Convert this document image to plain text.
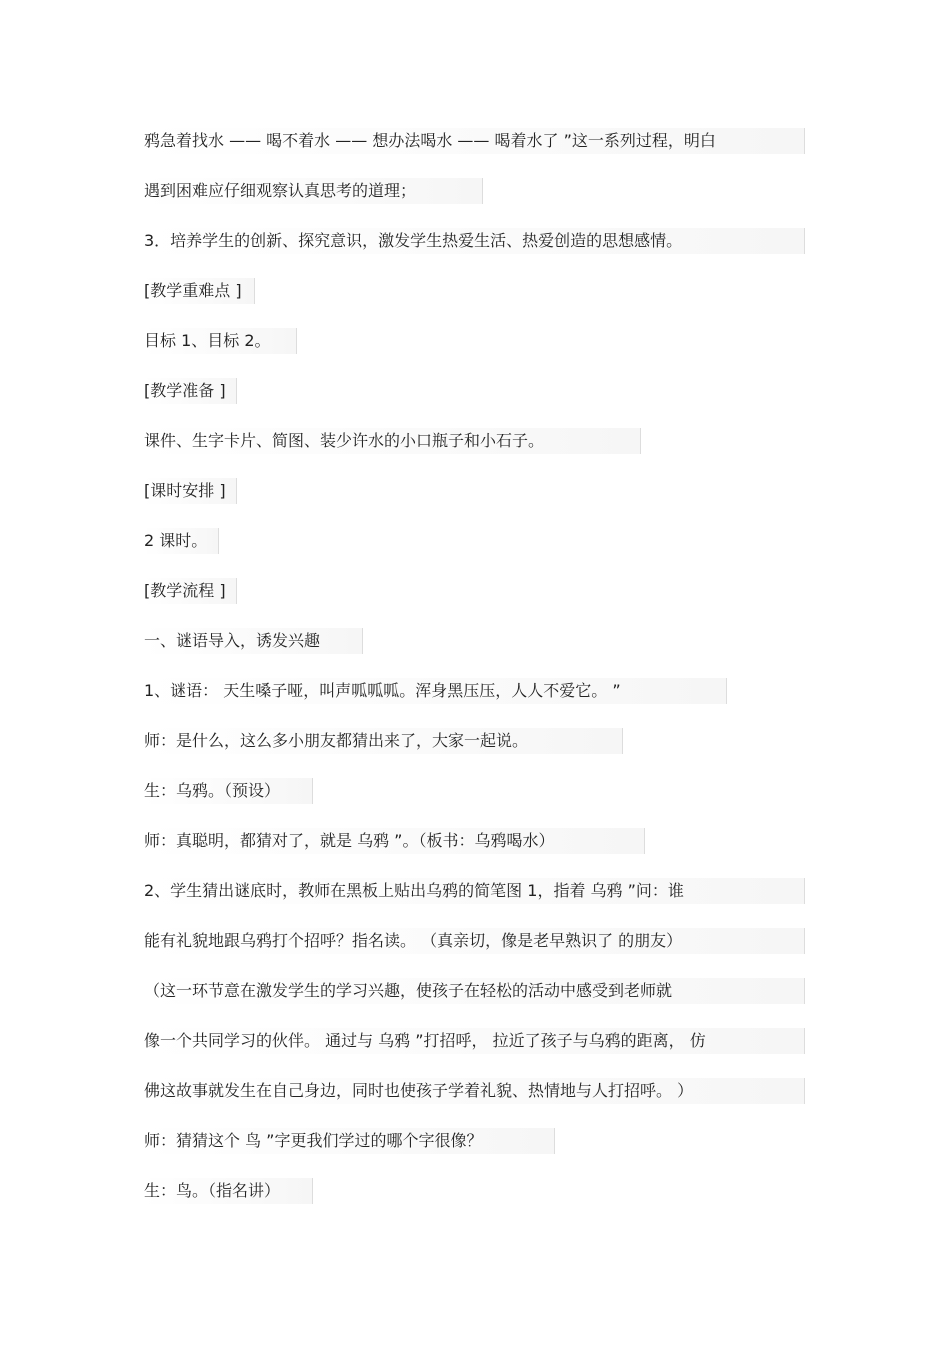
鸦急着找水 —— 喝不着水 —— 想办法喝水 —— 喝着水了 ”这一系列过程，明白
遇到困难应仔细观察认真思考的道理；
3．培养学生的创新、探究意识，激发学生热爱生活、热爱创造的思想感情。
[教学重难点 ]
目标 1、目标 2。
[教学准备 ]
课件、生字卡片、简图、装少许水的小口瓶子和小石子。
[课时安排 ]
2 课时。
[教学流程 ]
一、谜语导入，诱发兴趣
1、谜语： 天生嗓子哑，叫声呱呱呱。浑身黑压压，人人不爱它。 ”
师：是什么，这么多小朋友都猜出来了，大家一起说。
生：乌鸦。（预设）
师：真聪明，都猜对了，就是 乌鸦 ”。（板书：乌鸦喝水）
2、学生猜出谜底时，教师在黑板上贴出乌鸦的简笔图 1，指着 乌鸦 ”问：谁
能有礼貌地跟乌鸦打个招呼？指名读。 （真亲切，像是老早熟识了 的朋友）
（这一环节意在激发学生的学习兴趣，使孩子在轻松的活动中感受到老师就
像一个共同学习的伙伴。 通过与 乌鸦 ”打招呼， 拉近了孩子与乌鸦的距离， 仿
佛这故事就发生在自己身边，同时也使孩子学着礼貌、热情地与人打招呼。 ）
师：猜猜这个 鸟 ”字更我们学过的哪个字很像？
生：鸟。（指名讲）
